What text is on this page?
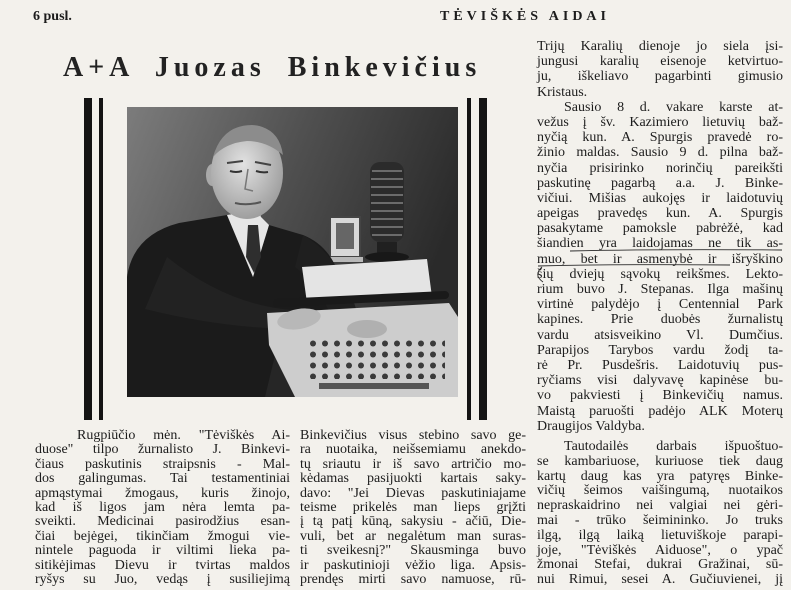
6 pusl.	TĖVIŠKĖS AIDAI
A+A Juozas Binkevičius
Rugpiūčio mėn. "Tėviškės Ai-
duose" tilpo žurnalisto J. Binkevi-
čiaus paskutinis straipsnis - Mal-
dos galingumas. Tai testamentiniai
apmąstymai žmogaus, kuris žinojo,
kad iš ligos jam nėra lemta pa-
sveikti. Medicinai pasirodžius esan-
čiai bejėgei, tikinčiam žmogui vie-
nintele paguoda ir viltimi lieka pa-
sitikėjimas Dievu ir tvirtas maldos
ryšys su Juo, vedąs į susiliejimą
Binkevičius visus stebino savo ge-
ra nuotaika, neišsemiamu anekdo-
tų sriautu ir iš savo artričio mo-
kėdamas pasijuokti kartais saky-
davo: "Jei Dievas paskutiniajame
teisme prikelės man lieps grįžti
į tą patį kūną, sakysiu - ačiū, Die-
vuli, bet ar negalėtum man suras-
ti sveikesnį?" Skausminga buvo
ir paskutinioji vėžio liga. Apsis-
prendęs mirti savo namuose, rū-
Trijų Karalių dienoje jo siela įsi-
jungusi karalių eisenoje ketvirtuo-
ju, iškeliavo pagarbinti gimusio
Kristaus.
Sausio 8 d. vakare karste at-
vežus į šv. Kazimiero lietuvių baž-
nyčią kun. A. Spurgis pravedė ro-
žinio maldas. Sausio 9 d. pilna baž-
nyčia prisirinko norinčių pareikšti
paskutinę pagarbą a.a. J. Binke-
vičiui. Mišias aukojęs ir laidotuvių
apeigas pravedęs kun. A. Spurgis
pasakytame pamoksle pabrėžė, kad
šiandien yra laidojamas ne tik as-
muo, bet ir asmenybė ir išryškino
šių dviejų sąvokų reikšmes. Lekto-
rium buvo J. Stepanas. Ilga mašinų
virtinė palydėjo į Centennial Park
kapines. Prie duobės žurnalistų
vardu atsisveikino Vl. Dumčius.
Parapijos Tarybos vardu žodį ta-
rė Pr. Pusdešris. Laidotuvių pus-
ryčiams visi dalyvavę kapinėse bu-
vo pakviesti į Binkevičių namus.
Maistą paruošti padėjo ALK Moterų
Draugijos Valdyba.
Tautodailės darbais išpuoštuo-
se kambariuose, kuriuose tiek daug
kartų daug kas yra patyręs Binke-
vičių šeimos vaišingumą, nuotaikos
nepraskaidrino nei valgiai nei gėri-
mai - trūko šeimininko. Jo truks
ilgą, ilgą laiką lietuviškoje parapi-
joje, "Tėviškės Aiduose", o ypač
žmonai Stefai, dukrai Gražinai, sū-
nui Rimui, sesei A. Gučiuvienei, jį
